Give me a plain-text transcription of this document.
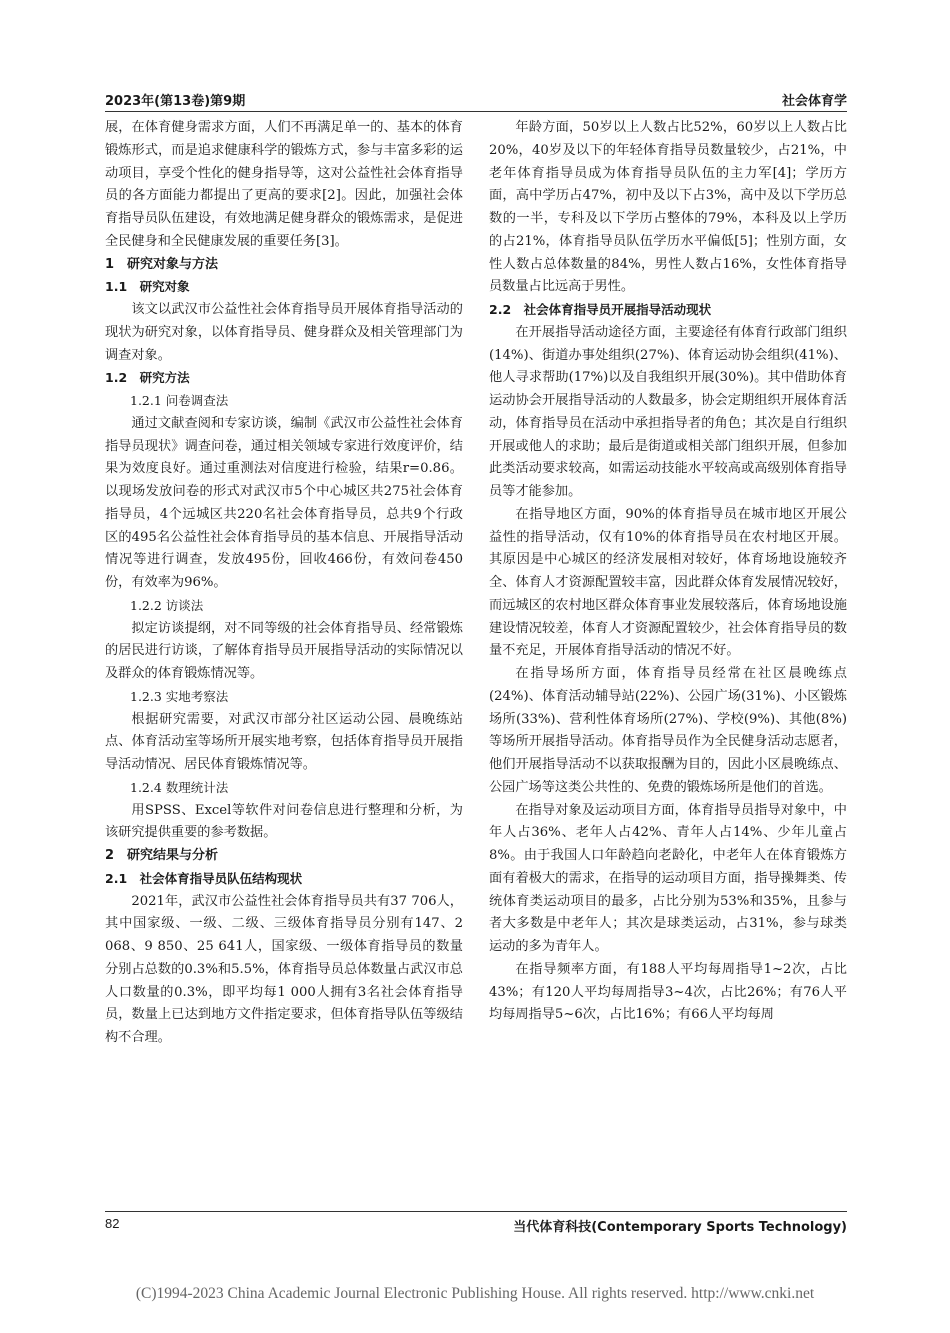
2023年(第13卷)第9期	社会体育学

展，在体育健身需求方面，人们不再满足单一的、基本的体育锻炼形式，而是追求健康科学的锻炼方式，参与丰富多彩的运动项目，享受个性化的健身指导等，这对公益性社会体育指导员的各方面能力都提出了更高的要求[2]。因此，加强社会体育指导员队伍建设，有效地满足健身群众的锻炼需求，是促进全民健身和全民健康发展的重要任务[3]。

1　研究对象与方法

1.1　研究对象

该文以武汉市公益性社会体育指导员开展体育指导活动的现状为研究对象，以体育指导员、健身群众及相关管理部门为调查对象。

1.2　研究方法

1.2.1 问卷调查法

通过文献查阅和专家访谈，编制《武汉市公益性社会体育指导员现状》调查问卷，通过相关领域专家进行效度评价，结果为效度良好。通过重测法对信度进行检验，结果r=0.86。以现场发放问卷的形式对武汉市5个中心城区共275社会体育指导员，4个远城区共220名社会体育指导员，总共9个行政区的495名公益性社会体育指导员的基本信息、开展指导活动情况等进行调查，发放495份，回收466份，有效问卷450份，有效率为96%。

1.2.2 访谈法

拟定访谈提纲，对不同等级的社会体育指导员、经常锻炼的居民进行访谈，了解体育指导员开展指导活动的实际情况以及群众的体育锻炼情况等。

1.2.3 实地考察法

根据研究需要，对武汉市部分社区运动公园、晨晚练站点、体育活动室等场所开展实地考察，包括体育指导员开展指导活动情况、居民体育锻炼情况等。

1.2.4 数理统计法

用SPSS、Excel等软件对问卷信息进行整理和分析，为该研究提供重要的参考数据。

2　研究结果与分析

2.1　社会体育指导员队伍结构现状

2021年，武汉市公益性社会体育指导员共有37 706人，其中国家级、一级、二级、三级体育指导员分别有147、2 068、9 850、25 641人，国家级、一级体育指导员的数量分别占总数的0.3%和5.5%，体育指导员总体数量占武汉市总人口数量的0.3%，即平均每1 000人拥有3名社会体育指导员，数量上已达到地方文件指定要求，但体育指导队伍等级结构不合理。

年龄方面，50岁以上人数占比52%，60岁以上人数占比20%，40岁及以下的年轻体育指导员数量较少，占21%，中老年体育指导员成为体育指导员队伍的主力军[4]；学历方面，高中学历占47%，初中及以下占3%，高中及以下学历总数的一半，专科及以下学历占整体的79%，本科及以上学历的占21%，体育指导员队伍学历水平偏低[5]；性别方面，女性人数占总体数量的84%，男性人数占16%，女性体育指导员数量占比远高于男性。

2.2　社会体育指导员开展指导活动现状

在开展指导活动途径方面，主要途径有体育行政部门组织(14%)、街道办事处组织(27%)、体育运动协会组织(41%)、他人寻求帮助(17%)以及自我组织开展(30%)。其中借助体育运动协会开展指导活动的人数最多，协会定期组织开展体育活动，体育指导员在活动中承担指导者的角色；其次是自行组织开展或他人的求助；最后是街道或相关部门组织开展，但参加此类活动要求较高，如需运动技能水平较高或高级别体育指导员等才能参加。

在指导地区方面，90%的体育指导员在城市地区开展公益性的指导活动，仅有10%的体育指导员在农村地区开展。其原因是中心城区的经济发展相对较好，体育场地设施较齐全、体育人才资源配置较丰富，因此群众体育发展情况较好，而远城区的农村地区群众体育事业发展较落后，体育场地设施建设情况较差，体育人才资源配置较少，社会体育指导员的数量不充足，开展体育指导活动的情况不好。

在指导场所方面，体育指导员经常在社区晨晚练点(24%)、体育活动辅导站(22%)、公园广场(31%)、小区锻炼场所(33%)、营利性体育场所(27%)、学校(9%)、其他(8%)等场所开展指导活动。体育指导员作为全民健身活动志愿者，他们开展指导活动不以获取报酬为目的，因此小区晨晚练点、公园广场等这类公共性的、免费的锻炼场所是他们的首选。

在指导对象及运动项目方面，体育指导员指导对象中，中年人占36%、老年人占42%、青年人占14%、少年儿童占8%。由于我国人口年龄趋向老龄化，中老年人在体育锻炼方面有着极大的需求，在指导的运动项目方面，指导操舞类、传统体育类运动项目的最多，占比分别为53%和35%，且参与者大多数是中老年人；其次是球类运动，占31%，参与球类运动的多为青年人。

在指导频率方面，有188人平均每周指导1~2次，占比43%；有120人平均每周指导3~4次，占比26%；有76人平均每周指导5~6次，占比16%；有66人平均每周

82	当代体育科技(Contemporary Sports Technology)
(C)1994-2023 China Academic Journal Electronic Publishing House. All rights reserved. http://www.cnki.net
